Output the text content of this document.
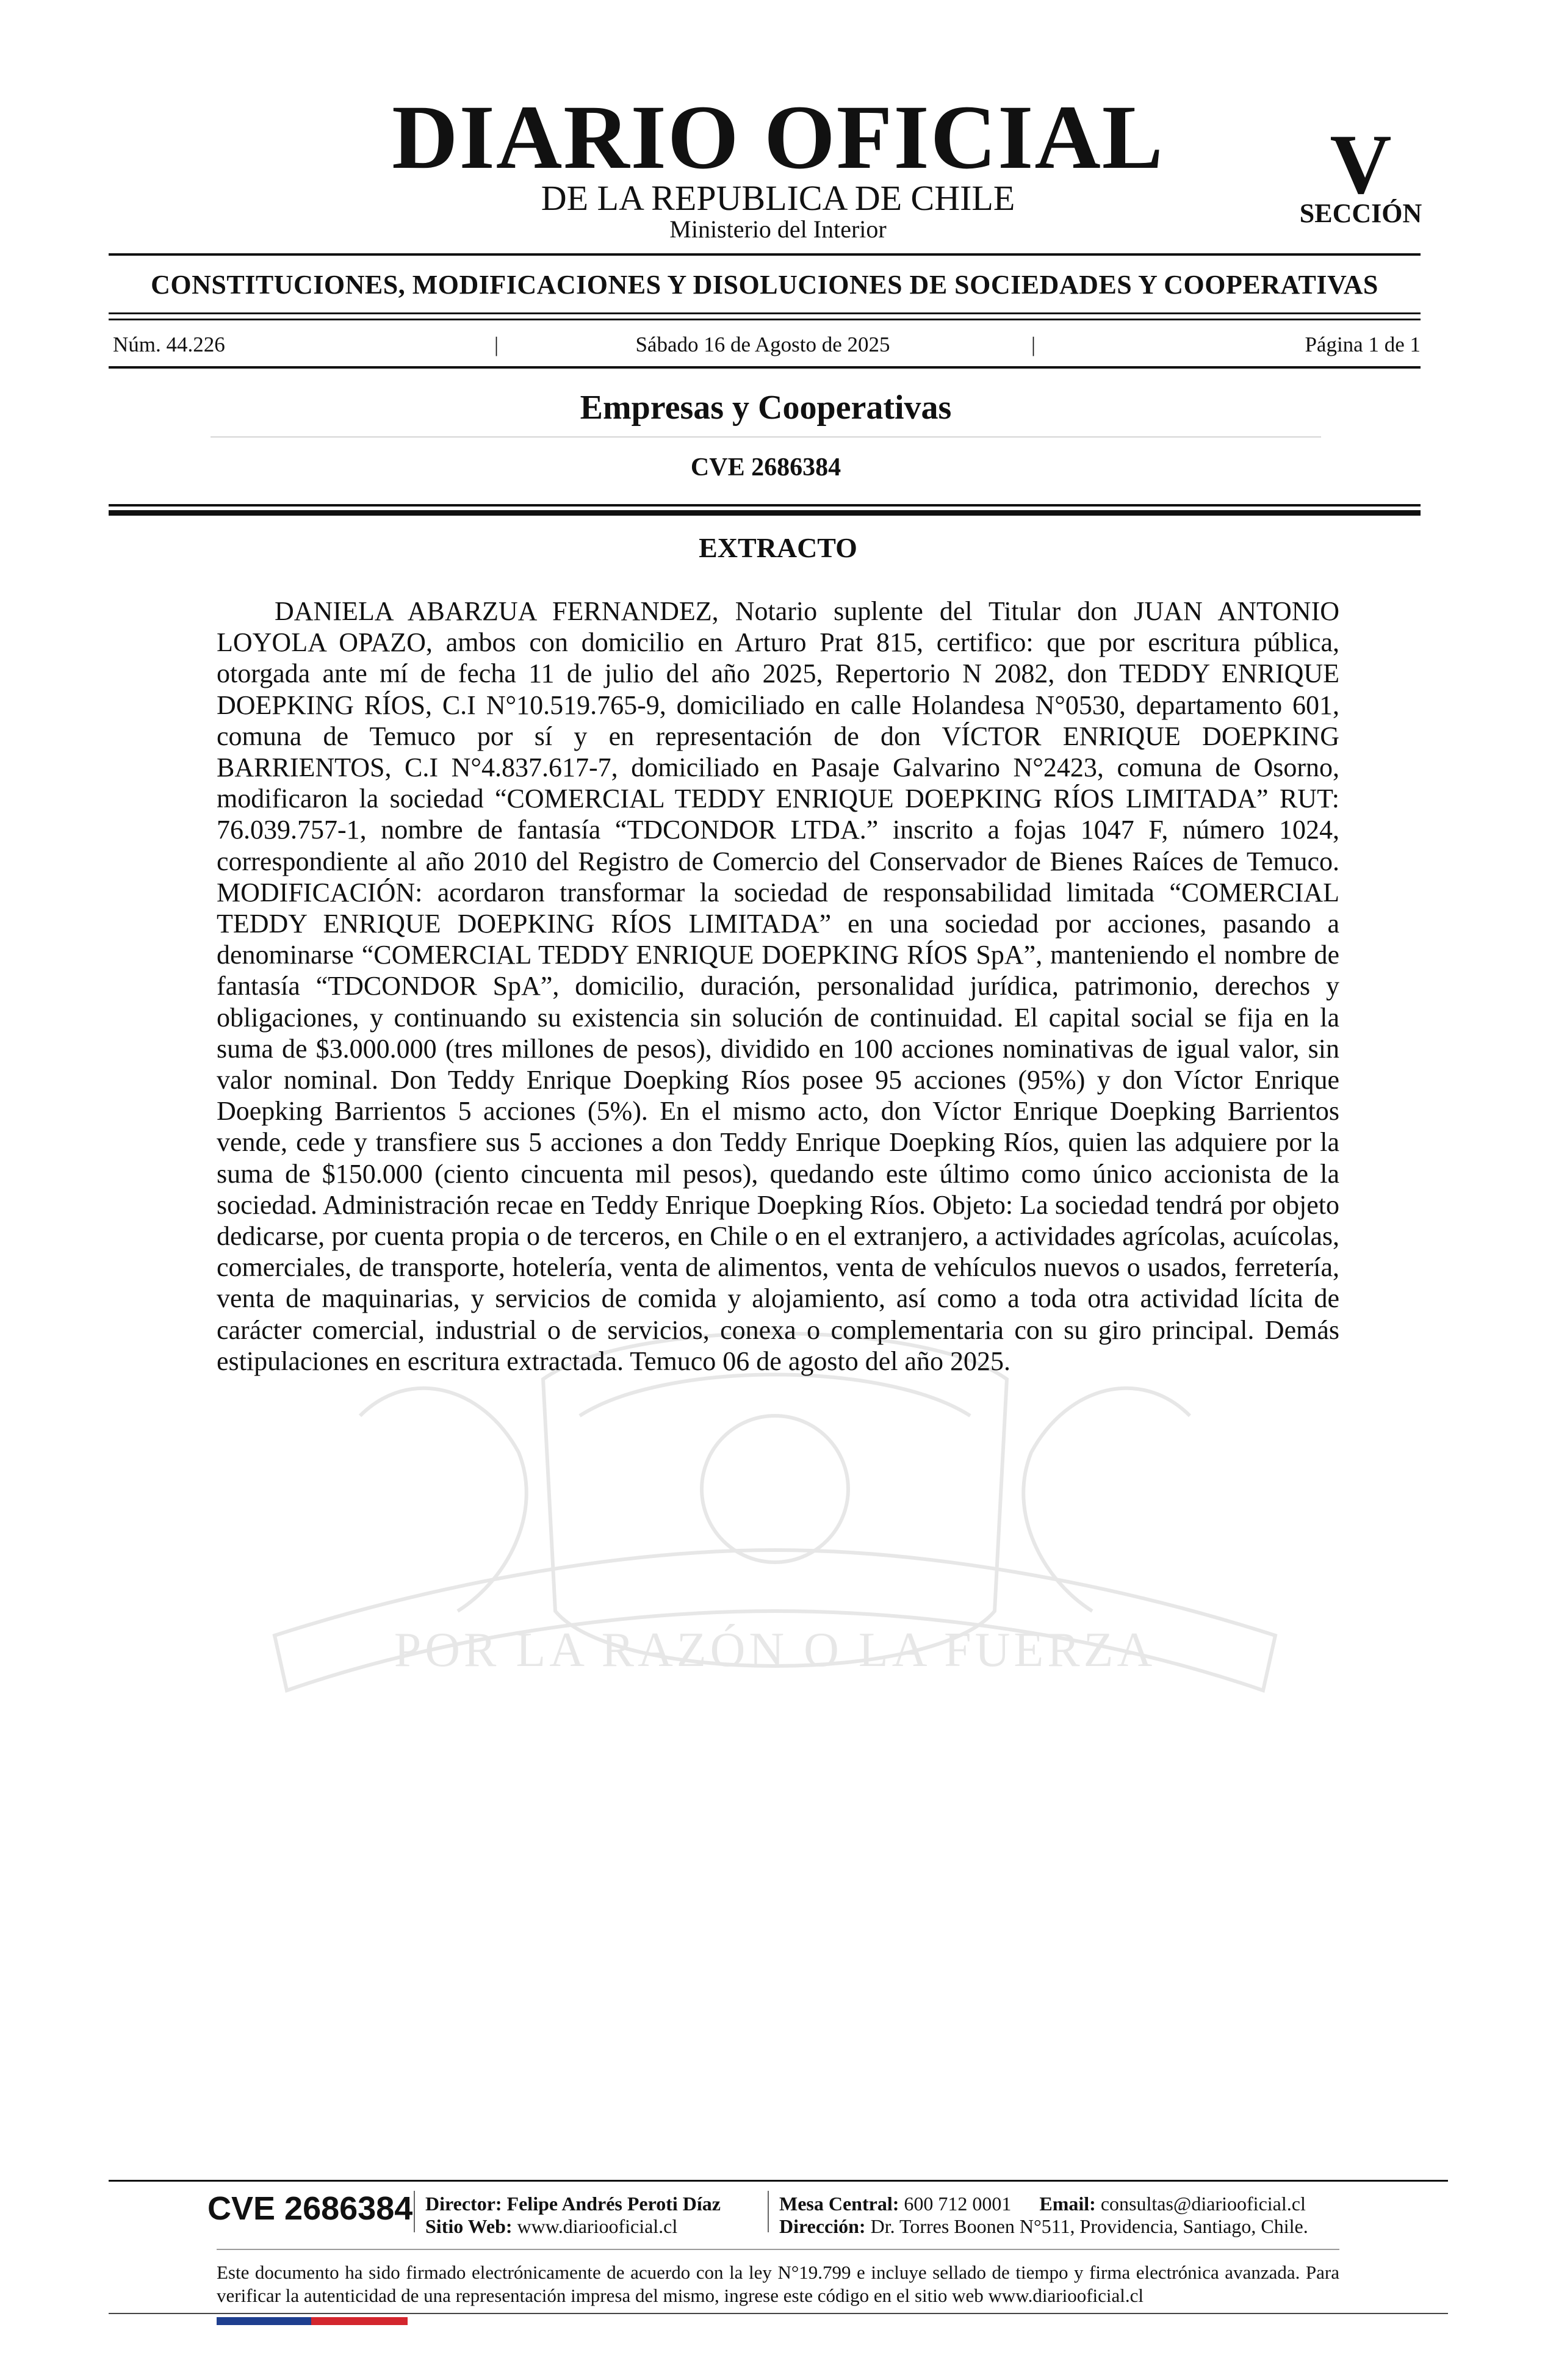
DIARIO OFICIAL
DE LA REPUBLICA DE CHILE
Ministerio del Interior
V
SECCIÓN
CONSTITUCIONES, MODIFICACIONES Y DISOLUCIONES DE SOCIEDADES Y COOPERATIVAS
Núm. 44.226	|	Sábado 16 de Agosto de 2025	|	Página 1 de 1
Empresas y Cooperativas
CVE 2686384
POR LA RAZÓN O LA FUERZA
EXTRACTO

DANIELA ABARZUA FERNANDEZ, Notario suplente del Titular don JUAN ANTONIO LOYOLA OPAZO, ambos con domicilio en Arturo Prat 815, certifico: que por escritura pública, otorgada ante mí de fecha 11 de julio del año 2025, Repertorio N 2082, don TEDDY ENRIQUE DOEPKING RÍOS, C.I N°10.519.765-9, domiciliado en calle Holandesa N°0530, departamento 601, comuna de Temuco por sí y en representación de don VÍCTOR ENRIQUE DOEPKING BARRIENTOS, C.I N°4.837.617-7, domiciliado en Pasaje Galvarino N°2423, comuna de Osorno, modificaron la sociedad “COMERCIAL TEDDY ENRIQUE DOEPKING RÍOS LIMITADA” RUT: 76.039.757-1, nombre de fantasía “TDCONDOR LTDA.” inscrito a fojas 1047 F, número 1024, correspondiente al año 2010 del Registro de Comercio del Conservador de Bienes Raíces de Temuco. MODIFICACIÓN: acordaron transformar la sociedad de responsabilidad limitada “COMERCIAL TEDDY ENRIQUE DOEPKING RÍOS LIMITADA” en una sociedad por acciones, pasando a denominarse “COMERCIAL TEDDY ENRIQUE DOEPKING RÍOS SpA”, manteniendo el nombre de fantasía “TDCONDOR SpA”, domicilio, duración, personalidad jurídica, patrimonio, derechos y obligaciones, y continuando su existencia sin solución de continuidad. El capital social se fija en la suma de $3.000.000 (tres millones de pesos), dividido en 100 acciones nominativas de igual valor, sin valor nominal. Don Teddy Enrique Doepking Ríos posee 95 acciones (95%) y don Víctor Enrique Doepking Barrientos 5 acciones (5%). En el mismo acto, don Víctor Enrique Doepking Barrientos vende, cede y transfiere sus 5 acciones a don Teddy Enrique Doepking Ríos, quien las adquiere por la suma de $150.000 (ciento cincuenta mil pesos), quedando este último como único accionista de la sociedad. Administración recae en Teddy Enrique Doepking Ríos. Objeto: La sociedad tendrá por objeto dedicarse, por cuenta propia o de terceros, en Chile o en el extranjero, a actividades agrícolas, acuícolas, comerciales, de transporte, hotelería, venta de alimentos, venta de vehículos nuevos o usados, ferretería, venta de maquinarias, y servicios de comida y alojamiento, así como a toda otra actividad lícita de carácter comercial, industrial o de servicios, conexa o complementaria con su giro principal. Demás estipulaciones en escritura extractada. Temuco 06 de agosto del año 2025.

CVE 2686384 Director: Felipe Andrés Peroti Díaz
Sitio Web: www.diariooficial.cl
Mesa Central: 600 712 0001 Email: consultas@diariooficial.cl
Dirección: Dr. Torres Boonen N°511, Providencia, Santiago, Chile.

Este documento ha sido firmado electrónicamente de acuerdo con la ley N°19.799 e incluye sellado de tiempo y firma electrónica avanzada. Para verificar la autenticidad de una representación impresa del mismo, ingrese este código en el sitio web www.diariooficial.cl
